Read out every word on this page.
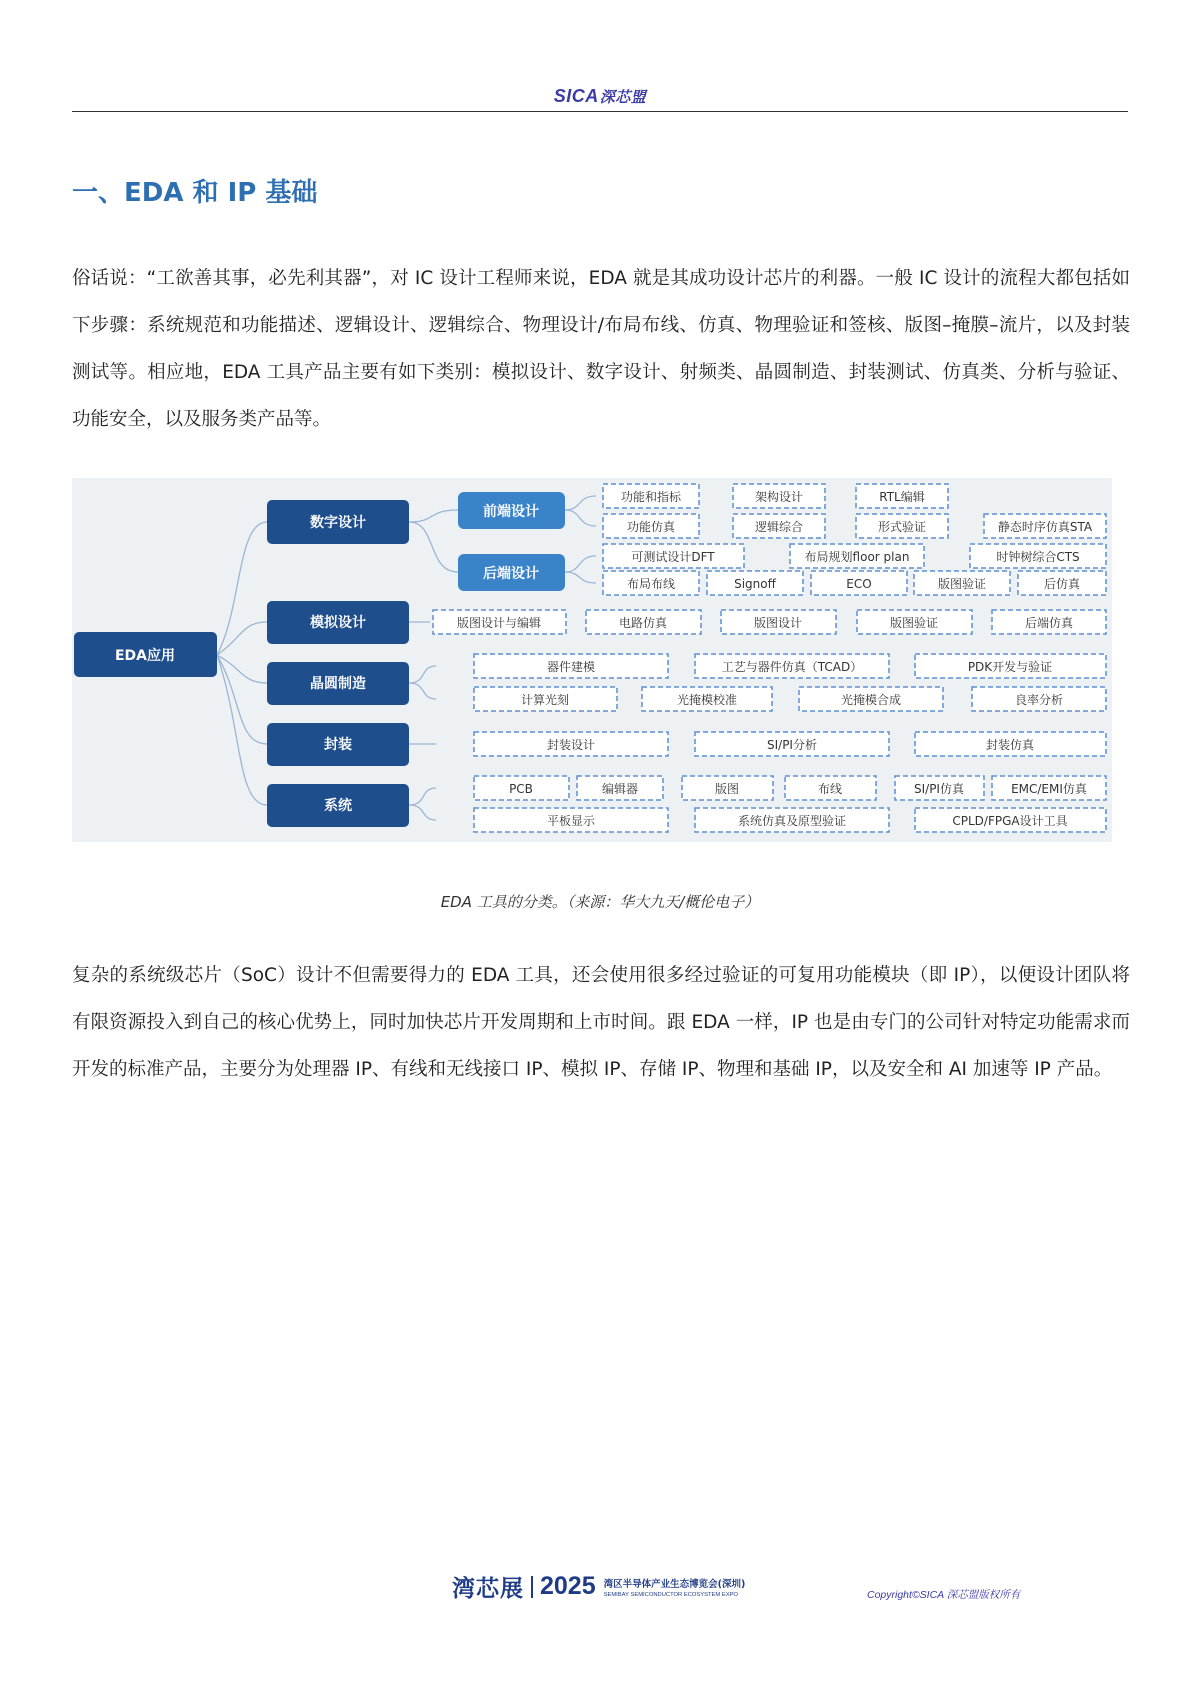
SICA深芯盟
一、EDA 和 IP 基础

俗话说：“工欲善其事，必先利其器”，对 IC 设计工程师来说，EDA 就是其成功设计芯片的利器。一般 IC 设计的流程大都包括如下步骤：系统规范和功能描述、逻辑设计、逻辑综合、物理设计/布局布线、仿真、物理验证和签核、版图–掩膜–流片，以及封装测试等。相应地，EDA 工具产品主要有如下类别：模拟设计、数字设计、射频类、晶圆制造、封装测试、仿真类、分析与验证、功能安全，以及服务类产品等。

EDA应用
数字设计
模拟设计
晶圆制造
封装
系统
前端设计
后端设计
功能和指标	架构设计	RTL编辑
功能仿真	逻辑综合	形式验证	静态时序仿真STA
可测试设计DFT	布局规划floor plan	时钟树综合CTS
布局布线	Signoff	ECO	版图验证	后仿真
版图设计与编辑	电路仿真	版图设计	版图验证	后端仿真
器件建模	工艺与器件仿真（TCAD）	PDK开发与验证
计算光刻	光掩模校准	光掩模合成	良率分析
封装设计	SI/PI分析	封装仿真
PCB	编辑器	版图	布线	SI/PI仿真	EMC/EMI仿真
平板显示	系统仿真及原型验证	CPLD/FPGA设计工具
EDA 工具的分类。（来源：华大九天/概伦电子）

复杂的系统级芯片（SoC）设计不但需要得力的 EDA 工具，还会使用很多经过验证的可复用功能模块（即 IP），以便设计团队将有限资源投入到自己的核心优势上，同时加快芯片开发周期和上市时间。跟 EDA 一样，IP 也是由专门的公司针对特定功能需求而开发的标准产品，主要分为处理器 IP、有线和无线接口 IP、模拟 IP、存储 IP、物理和基础 IP，以及安全和 AI 加速等 IP 产品。

湾芯展 2025 湾区半导体产业生态博览会(深圳)
SEMIBAY SEMICONDUCTOR ECOSYSTEM EXPO	Copyright©SICA 深芯盟版权所有
